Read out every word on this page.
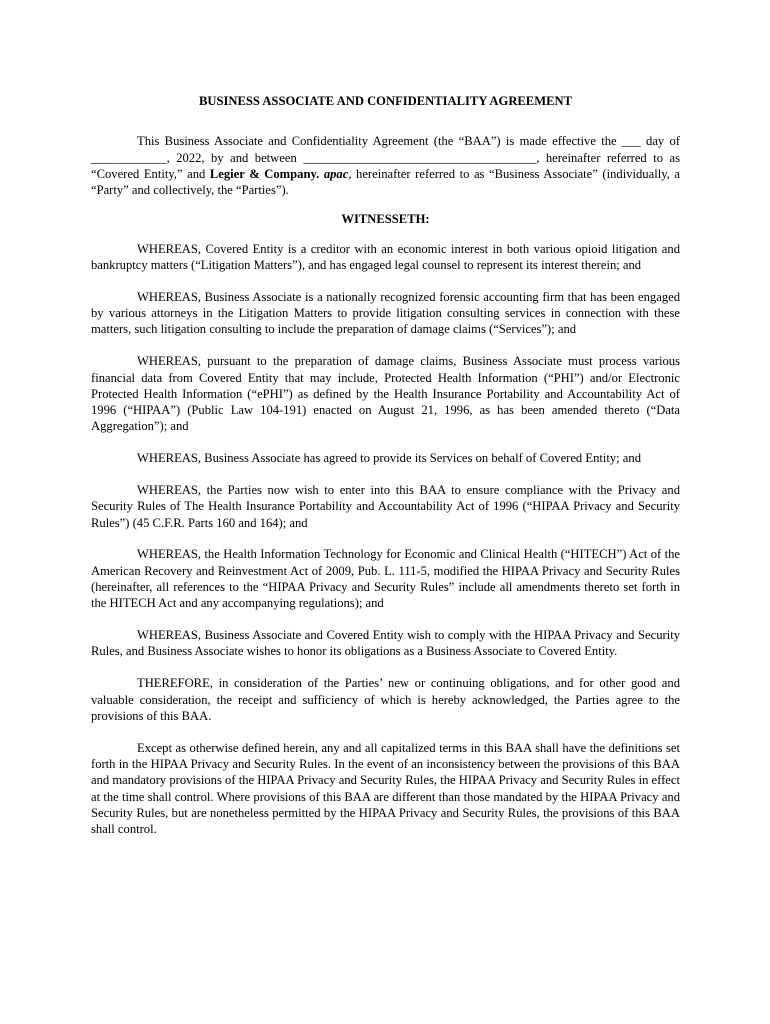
BUSINESS ASSOCIATE AND CONFIDENTIALITY AGREEMENT

This Business Associate and Confidentiality Agreement (the “BAA”) is made effective the ___ day of ____________, 2022, by and between _____________________________________, hereinafter referred to as “Covered Entity,” and Legier & Company. apac, hereinafter referred to as “Business Associate” (individually, a “Party” and collectively, the “Parties”).

WITNESSETH:

WHEREAS, Covered Entity is a creditor with an economic interest in both various opioid litigation and bankruptcy matters (“Litigation Matters”), and has engaged legal counsel to represent its interest therein; and

WHEREAS, Business Associate is a nationally recognized forensic accounting firm that has been engaged by various attorneys in the Litigation Matters to provide litigation consulting services in connection with these matters, such litigation consulting to include the preparation of damage claims (“Services”); and

WHEREAS, pursuant to the preparation of damage claims, Business Associate must process various financial data from Covered Entity that may include, Protected Health Information (“PHI”) and/or Electronic Protected Health Information (“ePHI”) as defined by the Health Insurance Portability and Accountability Act of 1996 (“HIPAA”) (Public Law 104-191) enacted on August 21, 1996, as has been amended thereto (“Data Aggregation”); and

WHEREAS, Business Associate has agreed to provide its Services on behalf of Covered Entity; and

WHEREAS, the Parties now wish to enter into this BAA to ensure compliance with the Privacy and Security Rules of The Health Insurance Portability and Accountability Act of 1996 (“HIPAA Privacy and Security Rules”) (45 C.F.R. Parts 160 and 164); and

WHEREAS, the Health Information Technology for Economic and Clinical Health (“HITECH”) Act of the American Recovery and Reinvestment Act of 2009, Pub. L. 111-5, modified the HIPAA Privacy and Security Rules (hereinafter, all references to the “HIPAA Privacy and Security Rules” include all amendments thereto set forth in the HITECH Act and any accompanying regulations); and

WHEREAS, Business Associate and Covered Entity wish to comply with the HIPAA Privacy and Security Rules, and Business Associate wishes to honor its obligations as a Business Associate to Covered Entity.

THEREFORE, in consideration of the Parties’ new or continuing obligations, and for other good and valuable consideration, the receipt and sufficiency of which is hereby acknowledged, the Parties agree to the provisions of this BAA.

Except as otherwise defined herein, any and all capitalized terms in this BAA shall have the definitions set forth in the HIPAA Privacy and Security Rules. In the event of an inconsistency between the provisions of this BAA and mandatory provisions of the HIPAA Privacy and Security Rules, the HIPAA Privacy and Security Rules in effect at the time shall control. Where provisions of this BAA are different than those mandated by the HIPAA Privacy and Security Rules, but are nonetheless permitted by the HIPAA Privacy and Security Rules, the provisions of this BAA shall control.
